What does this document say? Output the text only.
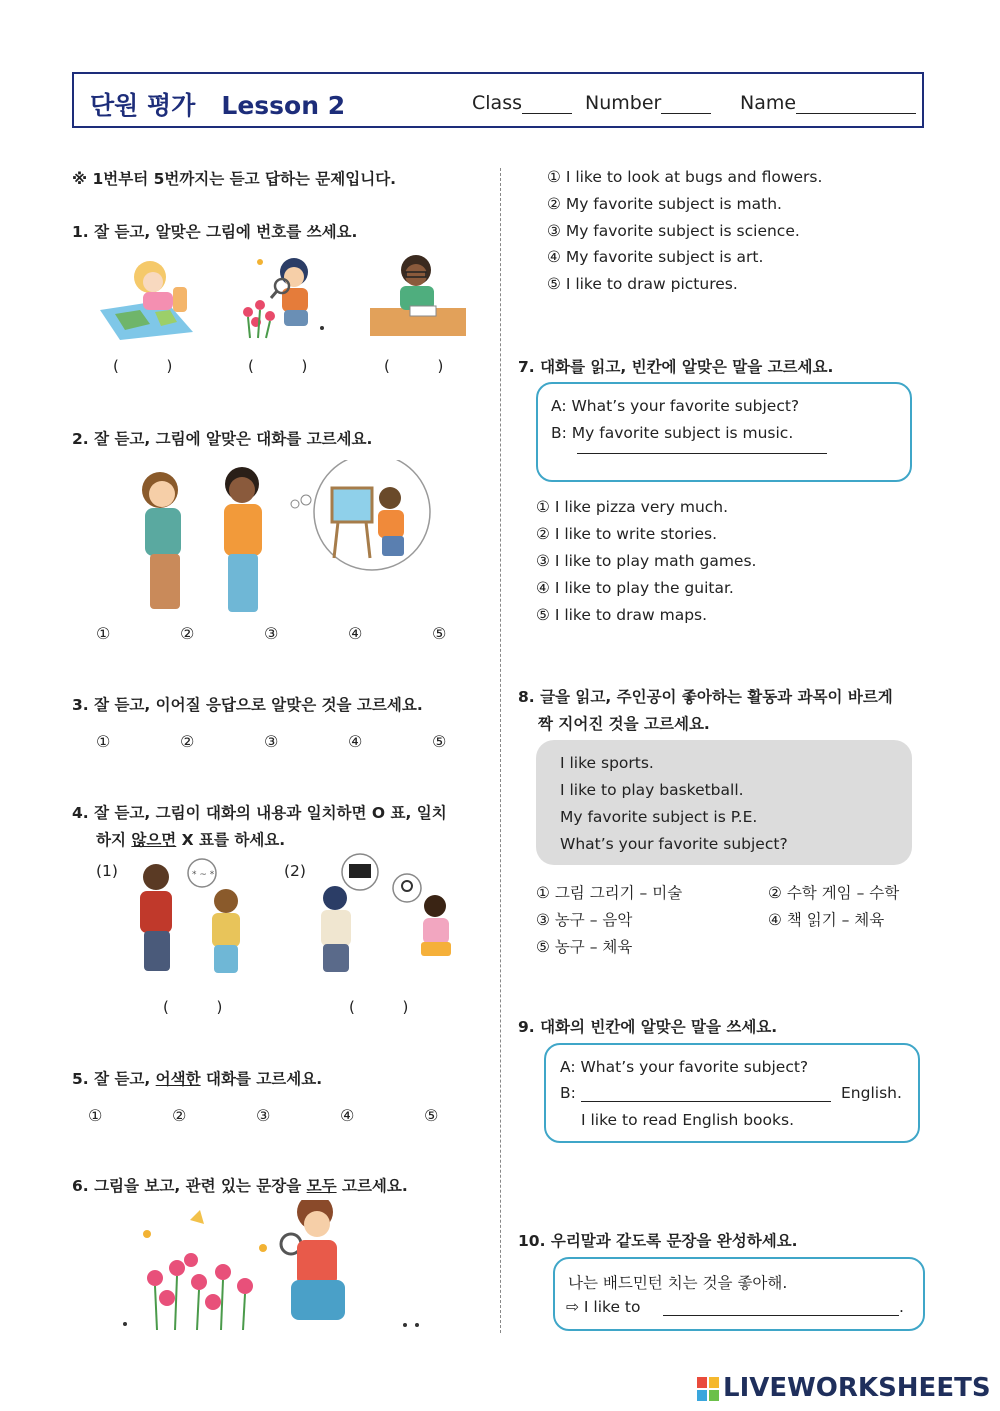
단원 평가   Lesson 2	Class	Number	Name
※ 1번부터 5번까지는 듣고 답하는 문제입니다.
1. 잘 듣고, 알맞은 그림에 번호를 쓰세요.
(          )	(          )	(          )
2. 잘 듣고, 그림에 알맞은 대화를 고르세요.
①	②	③	④	⑤
3. 잘 듣고, 이어질 응답으로 알맞은 것을 고르세요.
①	②	③	④	⑤
4. 잘 듣고, 그림이 대화의 내용과 일치하면 O 표, 일치
하지 않으면 X 표를 하세요.
(1)	(2)
* ~ *
(          )	(          )
5. 잘 듣고, 어색한 대화를 고르세요.
①	②	③	④	⑤
6. 그림을 보고, 관련 있는 문장을 모두 고르세요.
① I like to look at bugs and flowers.
② My favorite subject is math.
③ My favorite subject is science.
④ My favorite subject is art.
⑤ I like to draw pictures.
7. 대화를 읽고, 빈칸에 알맞은 말을 고르세요.
A: What’s your favorite subject?
B: My favorite subject is music.
① I like pizza very much.
② I like to write stories.
③ I like to play math games.
④ I like to play the guitar.
⑤ I like to draw maps.
8. 글을 읽고, 주인공이 좋아하는 활동과 과목이 바르게
짝 지어진 것을 고르세요.
I like sports.
I like to play basketball.
My favorite subject is P.E.
What’s your favorite subject?
① 그림 그리기 – 미술	② 수학 게임 – 수학
③ 농구 – 음악	④ 책 읽기 – 체육
⑤ 농구 – 체육
9. 대화의 빈칸에 알맞은 말을 쓰세요.
A: What’s your favorite subject?
B:	English.
I like to read English books.
10. 우리말과 같도록 문장을 완성하세요.
나는 배드민턴 치는 것을 좋아해.
⇨ I like to	.
LIVEWORKSHEETS
